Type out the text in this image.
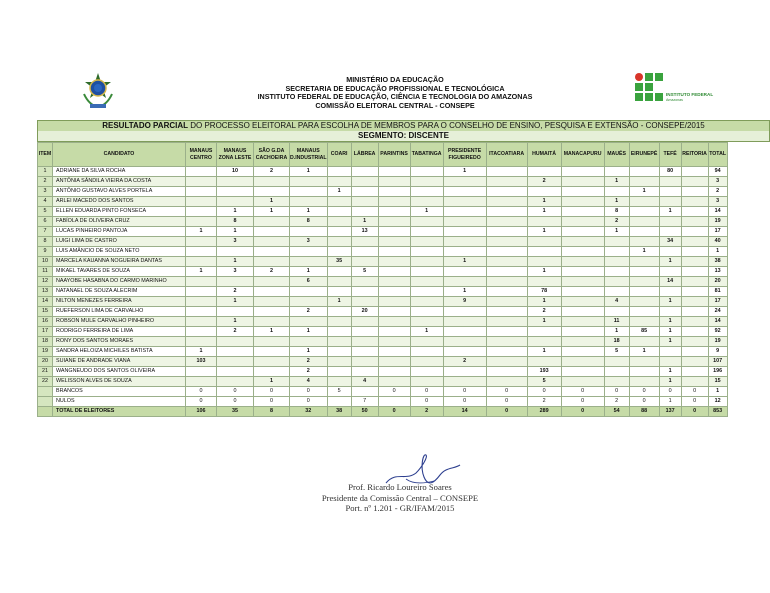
INSTITUTO FEDERAL
Amazonas
MINISTÉRIO DA EDUCAÇÃO
SECRETARIA DE EDUCAÇÃO PROFISSIONAL E TECNOLÓGICA
INSTITUTO FEDERAL DE EDUCAÇÃO, CIÊNCIA E TECNOLOGIA DO AMAZONAS
COMISSÃO ELEITORAL CENTRAL - CONSEPE
RESULTADO PARCIAL DO PROCESSO ELEITORAL PARA ESCOLHA DE MEMBROS PARA O CONSELHO DE ENSINO, PESQUISA E EXTENSÃO - CONSEPE/2015
SEGMENTO: DISCENTE
ITEM	CANDIDATO	MANAUS CENTRO	MANAUS ZONA LESTE	SÃO G.DA CACHOEIRA	MANAUS D.INDUSTRIAL	COARI	LÁBREA	PARINTINS	TABATINGA	PRESIDENTE FIGUEIREDO	ITACOATIARA	HUMAITÁ	MANACAPURU	MAUÉS	EIRUNEPÉ	TEFÉ	REITORIA	TOTAL
1	ADRIANE DA SILVA ROCHA		10	2	1					1						80		94
2	ANTÔNIA SÂNDILA VIEIRA DA COSTA											2		1				3
3	ANTÔNIO GUSTAVO ALVES PORTELA					1									1			2
4	ARLEI MACEDO DOS SANTOS			1								1		1				3
5	ELLEN EDUARDA PINTO FONSECA		1	1	1				1			1		8		1		14
6	FABÍOLA DE OLIVEIRA CRUZ		8		8		1							2				19
7	LUCAS PINHEIRO PANTOJA	1	1				13					1		1				17
8	LUIGI LIMA DE CASTRO		3		3											34		40
9	LUIS AMÂNCIO DE SOUZA NETO														1			1
10	MARCELA KAUANNA NOGUEIRA DANTAS		1			35				1						1		38
11	MIKAEL TAVARES DE SOUZA	1	3	2	1		5					1						13
12	NAAYOBE HASABNA DO CARMO MARINHO				6											14		20
13	NATANAEL DE SOUZA ALECRIM		2							1		78						81
14	NILTON MENEZES FERREIRA		1			1				9		1		4		1		17
15	RUEFERSON LIMA DE CARVALHO				2		20					2						24
16	ROBSON MULE CARVALHO PINHEIRO		1									1		11		1		14
17	RODRIGO FERREIRA DE LIMA		2	1	1				1					1	85	1		92
18	RONY DOS SANTOS MORAES													18		1		19
19	SANDRA HELOIZA MICHILES BATISTA	1			1							1		5	1			9
20	SUIANE DE ANDRADE VIANA	103			2					2								107
21	WANGNEUDO DOS SANTOS OLIVEIRA				2							193				1		196
22	WELISSON ALVES DE SOUZA			1	4		4					5				1		15
	BRANCOS	0	0	0	0	5		0	0	0	0	0	0	0	0	0	0	1
	NULOS	0	0	0	0		7		0	0	0	2	0	2	0	1	0	12
	TOTAL DE ELEITORES	106	35	8	32	38	50	0	2	14	0	289	0	54	88	137	0	853
Prof. Ricardo Loureiro Soares
Presidente da Comissão Central – CONSEPE
Port. nº 1.201 - GR/IFAM/2015
